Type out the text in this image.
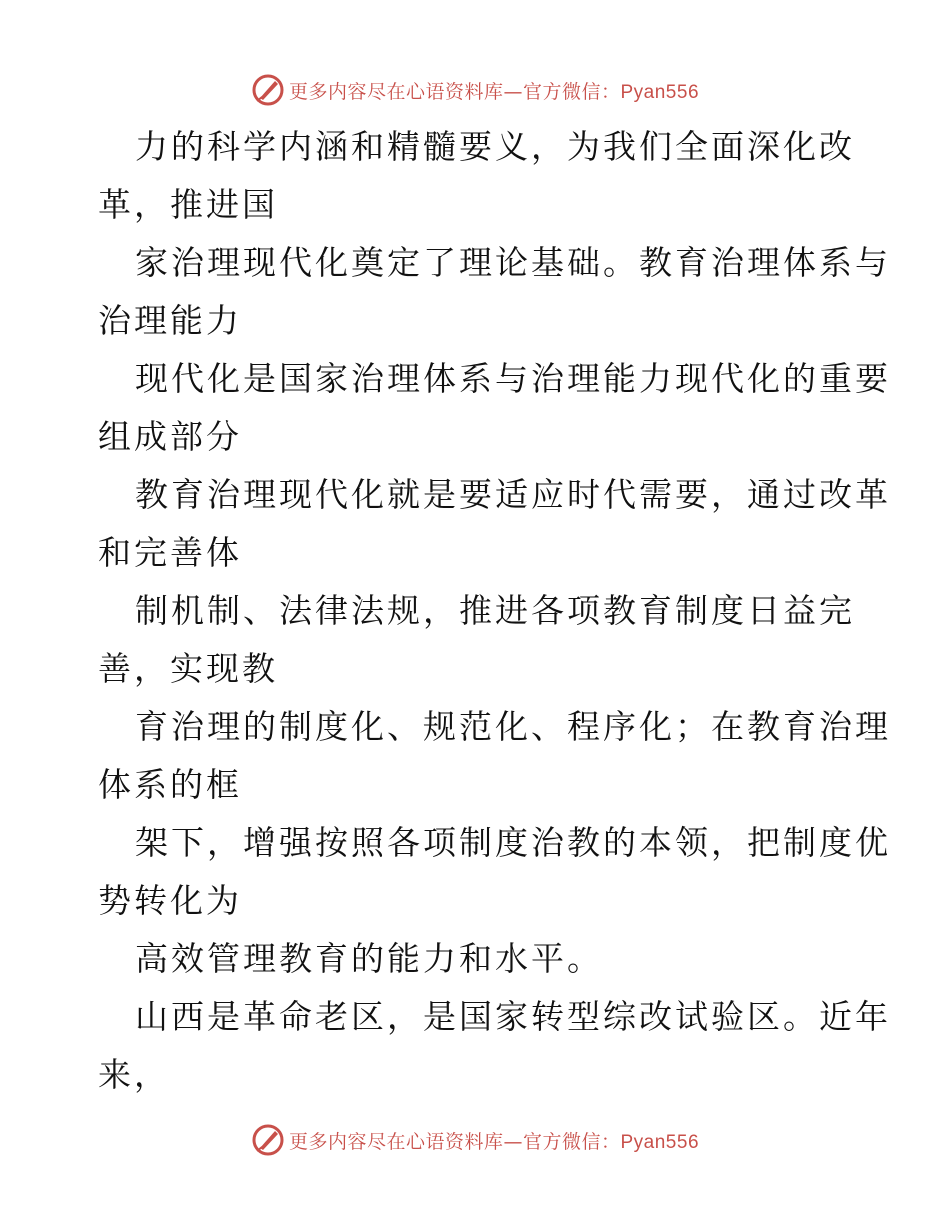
更多内容尽在心语资料库—官方微信：Pyan556
力的科学内涵和精髓要义，为我们全面深化改
革，推进国
家治理现代化奠定了理论基础。教育治理体系与
治理能力
现代化是国家治理体系与治理能力现代化的重要
组成部分
教育治理现代化就是要适应时代需要，通过改革
和完善体
制机制、法律法规，推进各项教育制度日益完
善，实现教
育治理的制度化、规范化、程序化；在教育治理
体系的框
架下，增强按照各项制度治教的本领，把制度优
势转化为
高效管理教育的能力和水平。
山西是革命老区，是国家转型综改试验区。近年
来，
更多内容尽在心语资料库—官方微信：Pyan556
